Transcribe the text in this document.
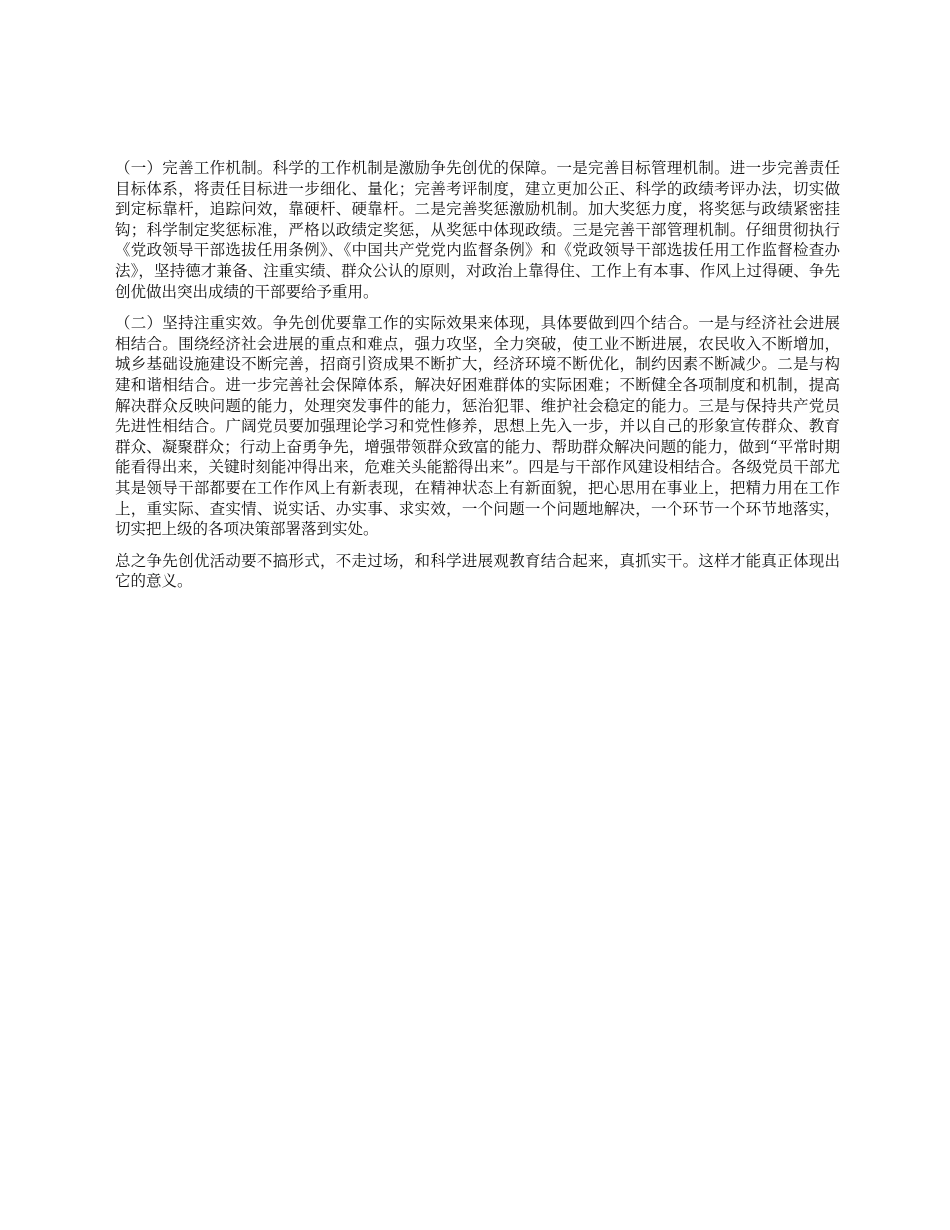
（一）完善工作机制。科学的工作机制是激励争先创优的保障。一是完善目标管理机制。进一步完善责任目标体系，将责任目标进一步细化、量化；完善考评制度，建立更加公正、科学的政绩考评办法，切实做到定标靠杆，追踪问效，靠硬杆、硬靠杆。二是完善奖惩激励机制。加大奖惩力度，将奖惩与政绩紧密挂钩；科学制定奖惩标准，严格以政绩定奖惩，从奖惩中体现政绩。三是完善干部管理机制。仔细贯彻执行《党政领导干部选拔任用条例》、《中国共产党党内监督条例》和《党政领导干部选拔任用工作监督检查办法》，坚持德才兼备、注重实绩、群众公认的原则，对政治上靠得住、工作上有本事、作风上过得硬、争先创优做出突出成绩的干部要给予重用。

（二）坚持注重实效。争先创优要靠工作的实际效果来体现，具体要做到四个结合。一是与经济社会进展相结合。围绕经济社会进展的重点和难点，强力攻坚，全力突破，使工业不断进展，农民收入不断增加，城乡基础设施建设不断完善，招商引资成果不断扩大，经济环境不断优化，制约因素不断减少。二是与构建和谐相结合。进一步完善社会保障体系，解决好困难群体的实际困难；不断健全各项制度和机制，提高解决群众反映问题的能力，处理突发事件的能力，惩治犯罪、维护社会稳定的能力。三是与保持共产党员先进性相结合。广阔党员要加强理论学习和党性修养，思想上先入一步，并以自己的形象宣传群众、教育群众、凝聚群众；行动上奋勇争先，增强带领群众致富的能力、帮助群众解决问题的能力，做到“平常时期能看得出来，关键时刻能冲得出来，危难关头能豁得出来”。四是与干部作风建设相结合。各级党员干部尤其是领导干部都要在工作作风上有新表现，在精神状态上有新面貌，把心思用在事业上，把精力用在工作上，重实际、查实情、说实话、办实事、求实效，一个问题一个问题地解决，一个环节一个环节地落实，切实把上级的各项决策部署落到实处。

总之争先创优活动要不搞形式，不走过场，和科学进展观教育结合起来，真抓实干。这样才能真正体现出它的意义。
